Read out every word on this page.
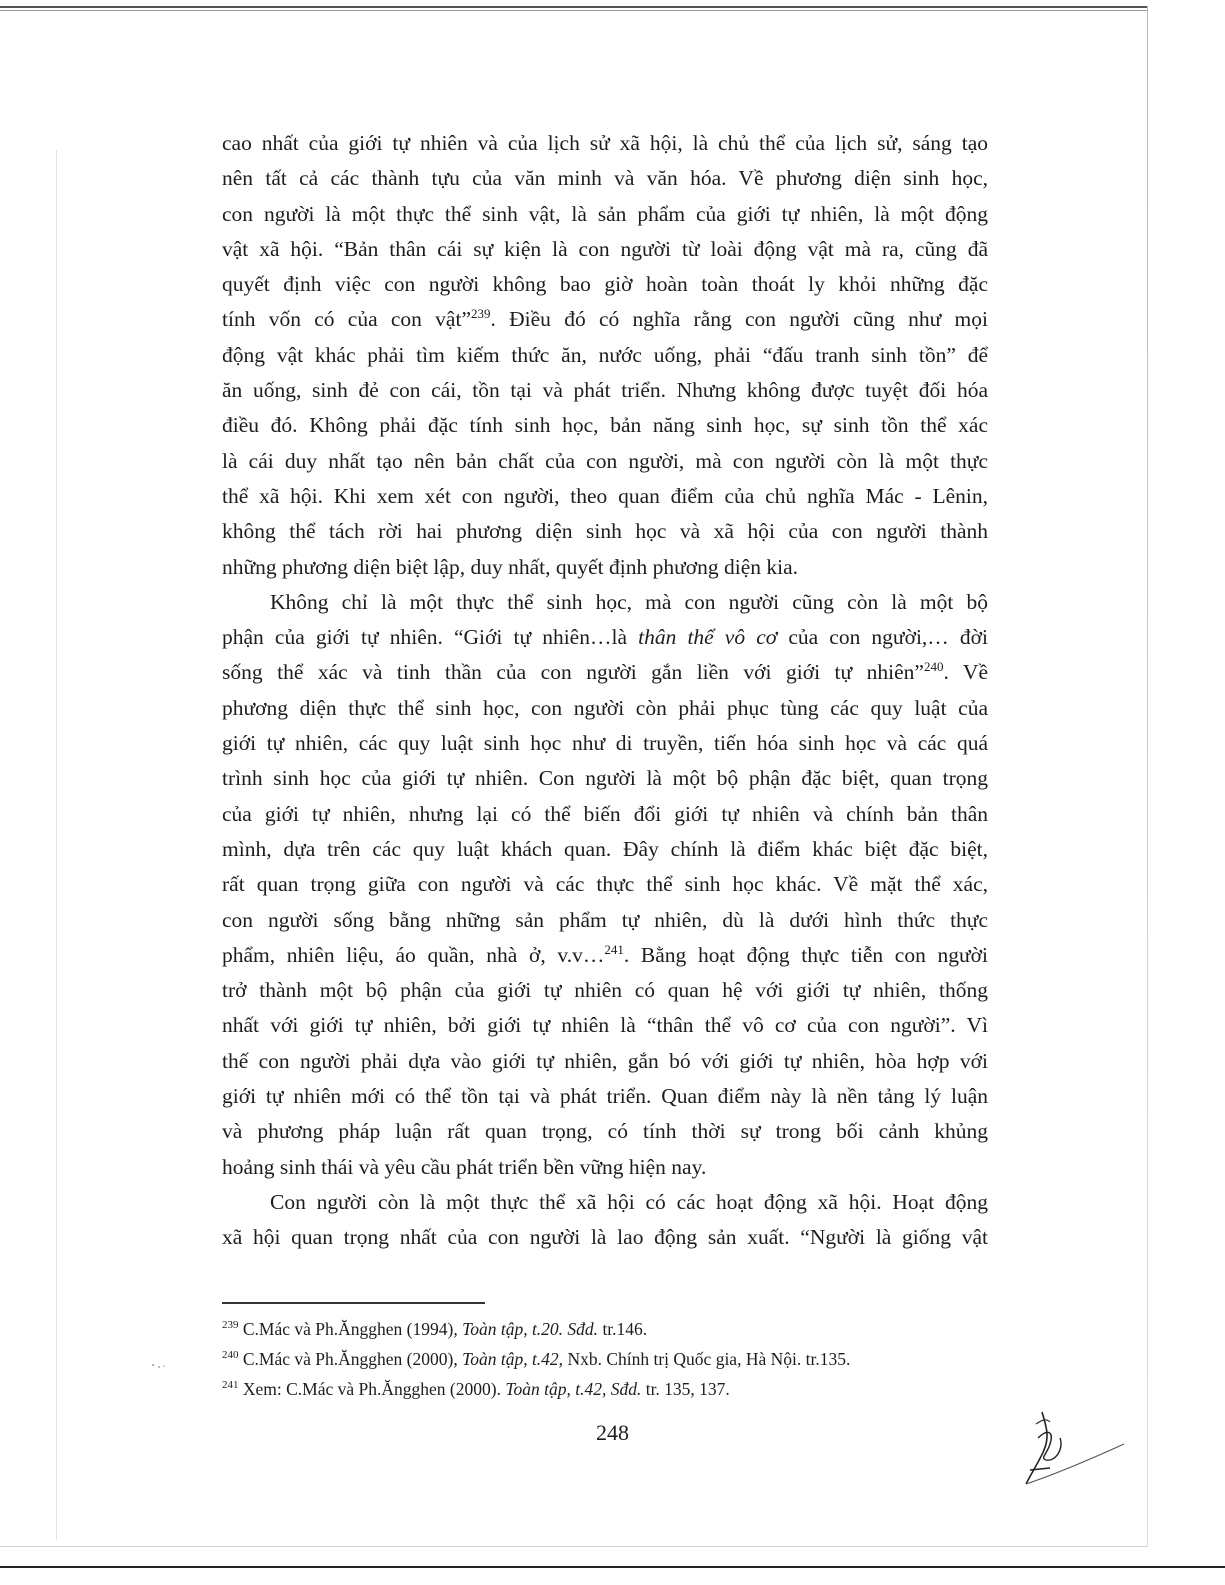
cao nhất của giới tự nhiên và của lịch sử xã hội, là chủ thể của lịch sử, sáng tạo
nên tất cả các thành tựu của văn minh và văn hóa. Về phương diện sinh học,
con người là một thực thể sinh vật, là sản phẩm của giới tự nhiên, là một động
vật xã hội. “Bản thân cái sự kiện là con người từ loài động vật mà ra, cũng đã
quyết định việc con người không bao giờ hoàn toàn thoát ly khỏi những đặc
tính vốn có của con vật”$^{239}$. Điều đó có nghĩa rằng con người cũng như mọi
động vật khác phải tìm kiếm thức ăn, nước uống, phải “đấu tranh sinh tồn” để
ăn uống, sinh đẻ con cái, tồn tại và phát triển. Nhưng không được tuyệt đối hóa
điều đó. Không phải đặc tính sinh học, bản năng sinh học, sự sinh tồn thể xác
là cái duy nhất tạo nên bản chất của con người, mà con người còn là một thực
thể xã hội. Khi xem xét con người, theo quan điểm của chủ nghĩa Mác - Lênin,
không thể tách rời hai phương diện sinh học và xã hội của con người thành
những phương diện biệt lập, duy nhất, quyết định phương diện kia.
Không chỉ là một thực thể sinh học, mà con người cũng còn là một bộ
phận của giới tự nhiên. “Giới tự nhiên…là thân thể vô cơ của con người,… đời
sống thể xác và tinh thần của con người gắn liền với giới tự nhiên”$^{240}$. Về
phương diện thực thể sinh học, con người còn phải phục tùng các quy luật của
giới tự nhiên, các quy luật sinh học như di truyền, tiến hóa sinh học và các quá
trình sinh học của giới tự nhiên. Con người là một bộ phận đặc biệt, quan trọng
của giới tự nhiên, nhưng lại có thể biến đổi giới tự nhiên và chính bản thân
mình, dựa trên các quy luật khách quan. Đây chính là điểm khác biệt đặc biệt,
rất quan trọng giữa con người và các thực thể sinh học khác. Về mặt thể xác,
con người sống bằng những sản phẩm tự nhiên, dù là dưới hình thức thực
phẩm, nhiên liệu, áo quần, nhà ở, v.v…$^{241}$. Bằng hoạt động thực tiễn con người
trở thành một bộ phận của giới tự nhiên có quan hệ với giới tự nhiên, thống
nhất với giới tự nhiên, bởi giới tự nhiên là “thân thể vô cơ của con người”. Vì
thế con người phải dựa vào giới tự nhiên, gắn bó với giới tự nhiên, hòa hợp với
giới tự nhiên mới có thể tồn tại và phát triển. Quan điểm này là nền tảng lý luận
và phương pháp luận rất quan trọng, có tính thời sự trong bối cảnh khủng
hoảng sinh thái và yêu cầu phát triển bền vững hiện nay.
Con người còn là một thực thể xã hội có các hoạt động xã hội. Hoạt động
xã hội quan trọng nhất của con người là lao động sản xuất. “Người là giống vật
$^{239}$ C.Mác và Ph.Ăngghen (1994), Toàn tập, t.20. Sđd. tr.146.
$^{240}$ C.Mác và Ph.Ăngghen (2000), Toàn tập, t.42, Nxb. Chính trị Quốc gia, Hà Nội. tr.135.
$^{241}$ Xem: C.Mác và Ph.Ăngghen (2000). Toàn tập, t.42, Sđd. tr. 135, 137.
248
